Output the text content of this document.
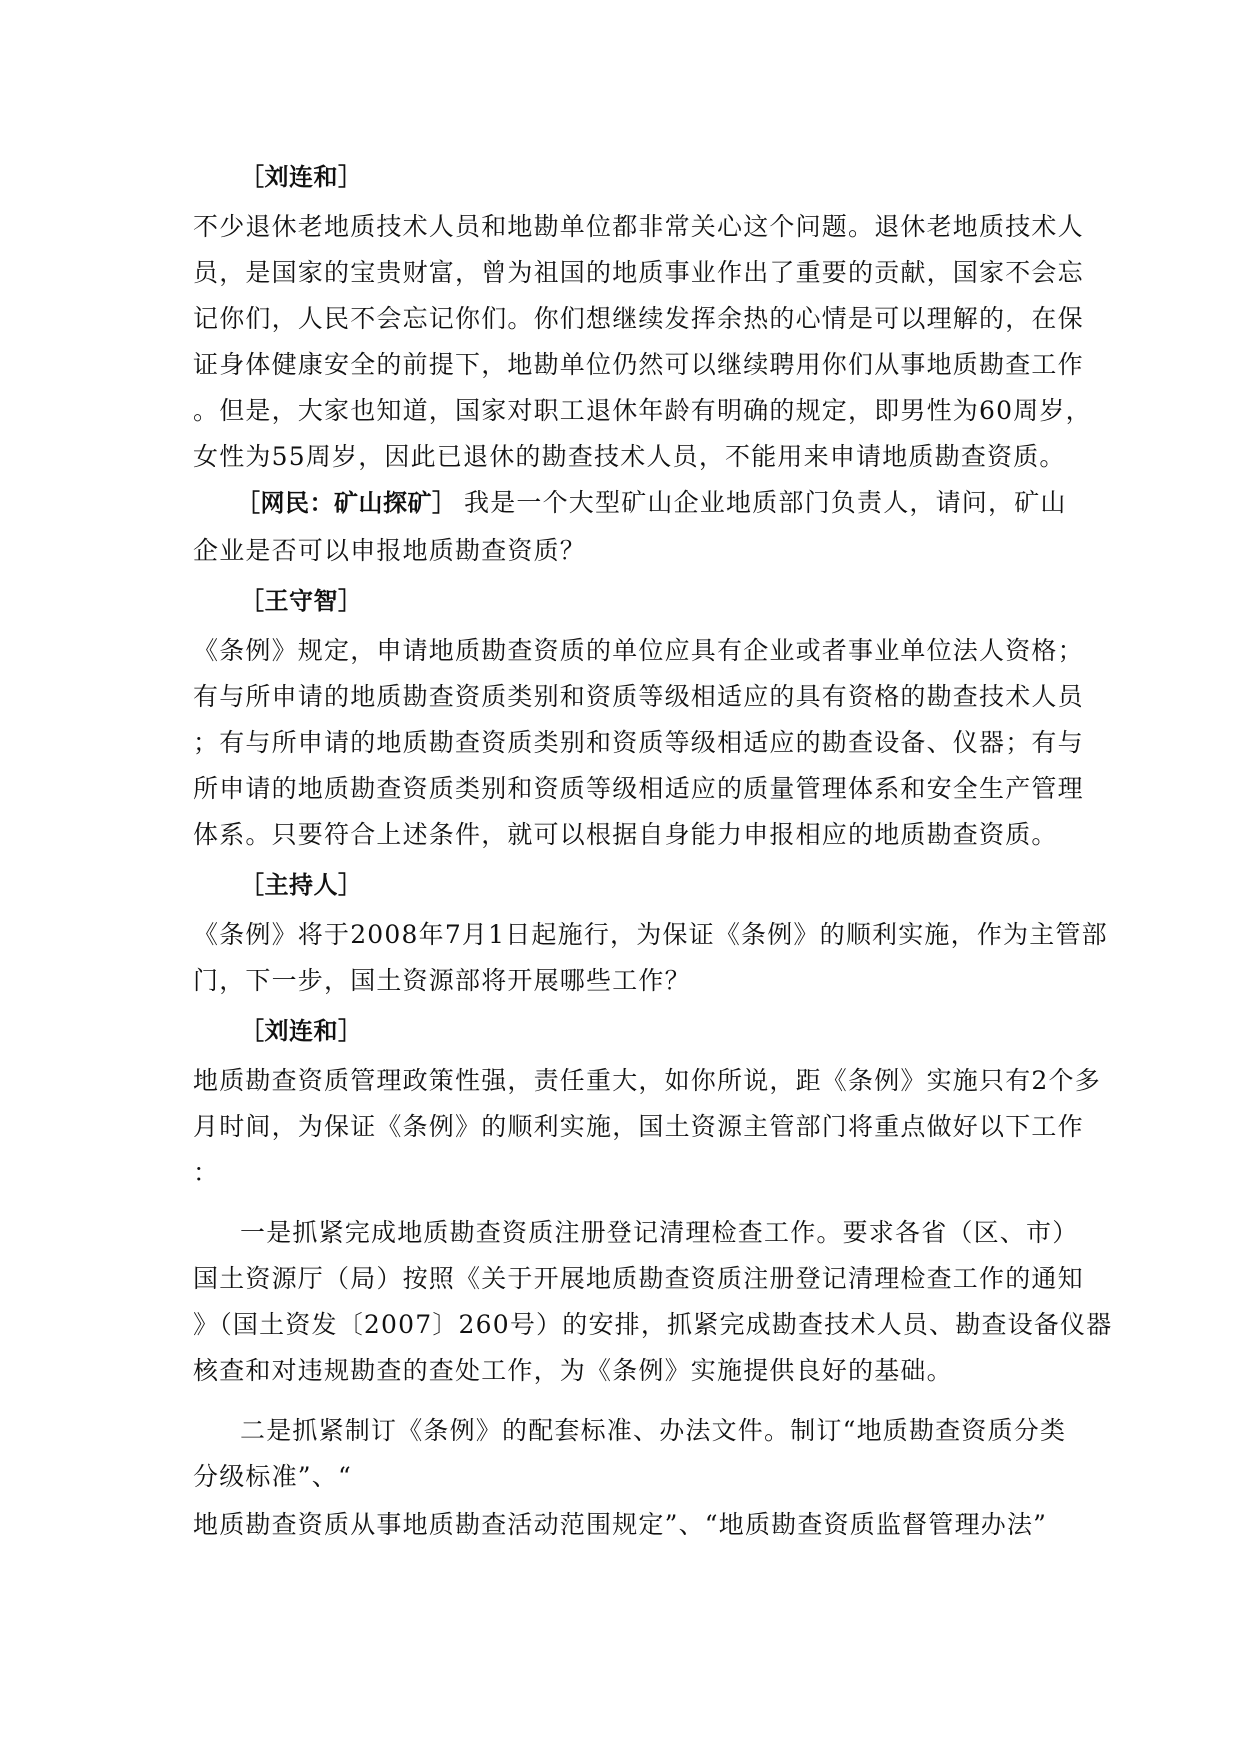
［刘连和］

不少退休老地质技术人员和地勘单位都非常关心这个问题。退休老地质技术人

员，是国家的宝贵财富，曾为祖国的地质事业作出了重要的贡献，国家不会忘

记你们，人民不会忘记你们。你们想继续发挥余热的心情是可以理解的，在保

证身体健康安全的前提下，地勘单位仍然可以继续聘用你们从事地质勘查工作

。但是，大家也知道，国家对职工退休年龄有明确的规定，即男性为60周岁，

女性为55周岁，因此已退休的勘查技术人员，不能用来申请地质勘查资质。

［网民：矿山探矿］ 我是一个大型矿山企业地质部门负责人，请问，矿山

企业是否可以申报地质勘查资质？

［王守智］

《条例》规定，申请地质勘查资质的单位应具有企业或者事业单位法人资格；

有与所申请的地质勘查资质类别和资质等级相适应的具有资格的勘查技术人员

；有与所申请的地质勘查资质类别和资质等级相适应的勘查设备、仪器；有与

所申请的地质勘查资质类别和资质等级相适应的质量管理体系和安全生产管理

体系。只要符合上述条件，就可以根据自身能力申报相应的地质勘查资质。

［主持人］

《条例》将于2008年7月1日起施行，为保证《条例》的顺利实施，作为主管部

门，下一步，国土资源部将开展哪些工作？

［刘连和］

地质勘查资质管理政策性强，责任重大，如你所说，距《条例》实施只有2个多

月时间，为保证《条例》的顺利实施，国土资源主管部门将重点做好以下工作

：

一是抓紧完成地质勘查资质注册登记清理检查工作。要求各省（区、市）

国土资源厅（局）按照《关于开展地质勘查资质注册登记清理检查工作的通知

》（国土资发〔2007〕260号）的安排，抓紧完成勘查技术人员、勘查设备仪器

核查和对违规勘查的查处工作，为《条例》实施提供良好的基础。

二是抓紧制订《条例》的配套标准、办法文件。制订“地质勘查资质分类

分级标准”、“

地质勘查资质从事地质勘查活动范围规定”、“地质勘查资质监督管理办法”
